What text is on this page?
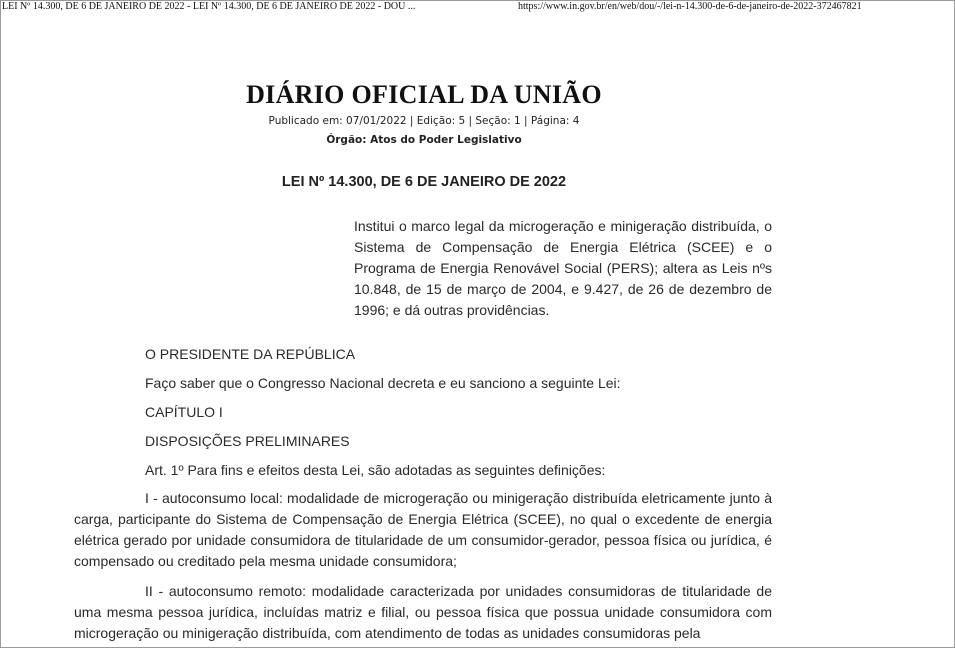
LEI Nº 14.300, DE 6 DE JANEIRO DE 2022 - LEI Nº 14.300, DE 6 DE JANEIRO DE 2022 - DOU ...	https://www.in.gov.br/en/web/dou/-/lei-n-14.300-de-6-de-janeiro-de-2022-372467821
DIÁRIO OFICIAL DA UNIÃO
Publicado em: 07/01/2022 | Edição: 5 | Seção: 1 | Página: 4
Órgão: Atos do Poder Legislativo
LEI Nº 14.300, DE 6 DE JANEIRO DE 2022
Institui o marco legal da microgeração e minigeração distribuída, o Sistema de Compensação de Energia Elétrica (SCEE) e o Programa de Energia Renovável Social (PERS); altera as Leis nºs 10.848, de 15 de março de 2004, e 9.427, de 26 de dezembro de 1996; e dá outras providências.
O PRESIDENTE DA REPÚBLICA
Faço saber que o Congresso Nacional decreta e eu sanciono a seguinte Lei:
CAPÍTULO I
DISPOSIÇÕES PRELIMINARES
Art. 1º Para fins e efeitos desta Lei, são adotadas as seguintes definições:
I - autoconsumo local: modalidade de microgeração ou minigeração distribuída eletricamente junto à carga, participante do Sistema de Compensação de Energia Elétrica (SCEE), no qual o excedente de energia elétrica gerado por unidade consumidora de titularidade de um consumidor-gerador, pessoa física ou jurídica, é compensado ou creditado pela mesma unidade consumidora;
II - autoconsumo remoto: modalidade caracterizada por unidades consumidoras de titularidade de uma mesma pessoa jurídica, incluídas matriz e filial, ou pessoa física que possua unidade consumidora com microgeração ou minigeração distribuída, com atendimento de todas as unidades consumidoras pela
